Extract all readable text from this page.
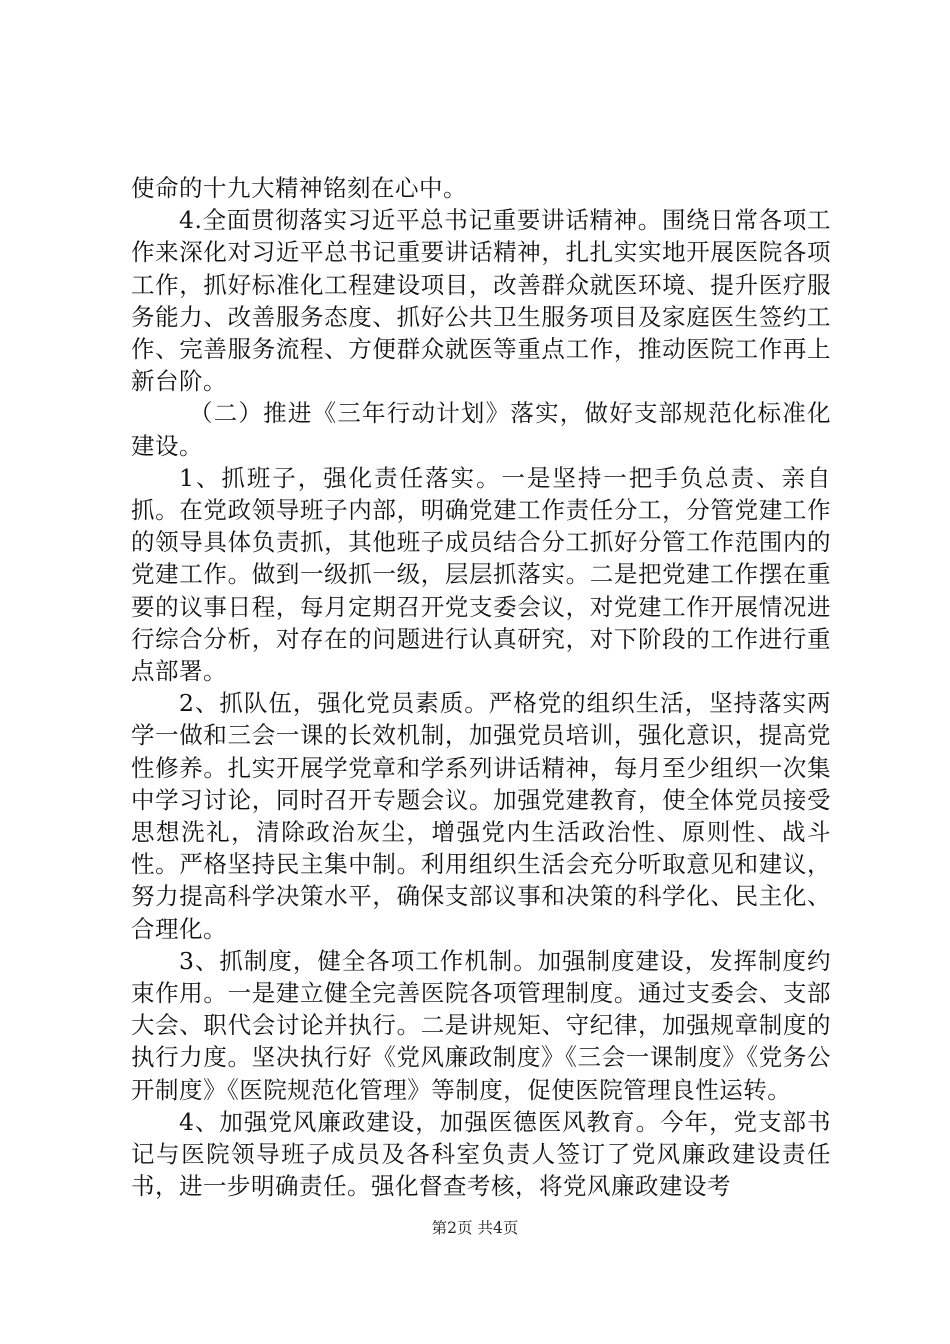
使命的十九大精神铭刻在心中。

4.全面贯彻落实习近平总书记重要讲话精神。围绕日常各项工作来深化对习近平总书记重要讲话精神，扎扎实实地开展医院各项工作，抓好标准化工程建设项目，改善群众就医环境、提升医疗服务能力、改善服务态度、抓好公共卫生服务项目及家庭医生签约工作、完善服务流程、方便群众就医等重点工作，推动医院工作再上新台阶。

（二）推进《三年行动计划》落实，做好支部规范化标准化建设。

1、抓班子，强化责任落实。一是坚持一把手负总责、亲自抓。在党政领导班子内部，明确党建工作责任分工，分管党建工作的领导具体负责抓，其他班子成员结合分工抓好分管工作范围内的党建工作。做到一级抓一级，层层抓落实。二是把党建工作摆在重要的议事日程，每月定期召开党支委会议，对党建工作开展情况进行综合分析，对存在的问题进行认真研究，对下阶段的工作进行重点部署。

2、抓队伍，强化党员素质。严格党的组织生活，坚持落实两学一做和三会一课的长效机制，加强党员培训，强化意识，提高党性修养。扎实开展学党章和学系列讲话精神，每月至少组织一次集中学习讨论，同时召开专题会议。加强党建教育，使全体党员接受思想洗礼，清除政治灰尘，增强党内生活政治性、原则性、战斗性。严格坚持民主集中制。利用组织生活会充分听取意见和建议，努力提高科学决策水平，确保支部议事和决策的科学化、民主化、合理化。

3、抓制度，健全各项工作机制。加强制度建设，发挥制度约束作用。一是建立健全完善医院各项管理制度。通过支委会、支部大会、职代会讨论并执行。二是讲规矩、守纪律，加强规章制度的执行力度。坚决执行好《党风廉政制度》《三会一课制度》《党务公开制度》《医院规范化管理》等制度，促使医院管理良性运转。

4、加强党风廉政建设，加强医德医风教育。今年，党支部书记与医院领导班子成员及各科室负责人签订了党风廉政建设责任书，进一步明确责任。强化督查考核，将党风廉政建设考

第2页 共4页
